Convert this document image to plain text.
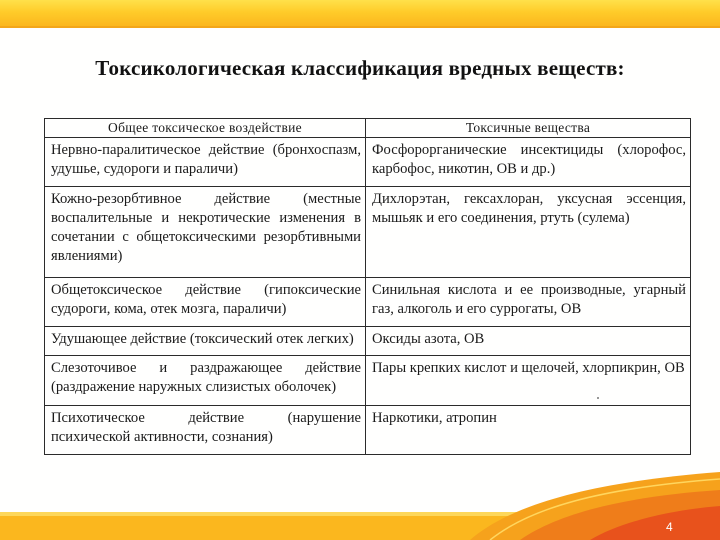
Токсикологическая классификация вредных веществ:
Общее токсическое воздействие	Токсичные вещества
Нервно-паралитическое действие (бронхоспазм, удушье, судороги и параличи)	Фосфорорганические инсектициды (хлорофос, карбофос, никотин, ОВ и др.)
Кожно-резорбтивное действие (местные воспалительные и некротические изменения в сочетании с общетоксическими резорбтивными явлениями)	Дихлорэтан, гексахлоран, уксусная эссенция, мышьяк и его соединения, ртуть (сулема)
Общетоксическое действие (гипоксические судороги, кома, отек мозга, параличи)	Синильная кислота и ее производные, угарный газ, алкоголь и его суррогаты, ОВ
Удушающее действие (токсический отек легких)	Оксиды азота, ОВ
Слезоточивое и раздражающее действие (раздражение наружных слизистых оболочек)	Пары крепких кислот и щелочей, хлорпикрин, ОВ
Психотическое действие (нарушение психической активности, сознания)	Наркотики, атропин
4
